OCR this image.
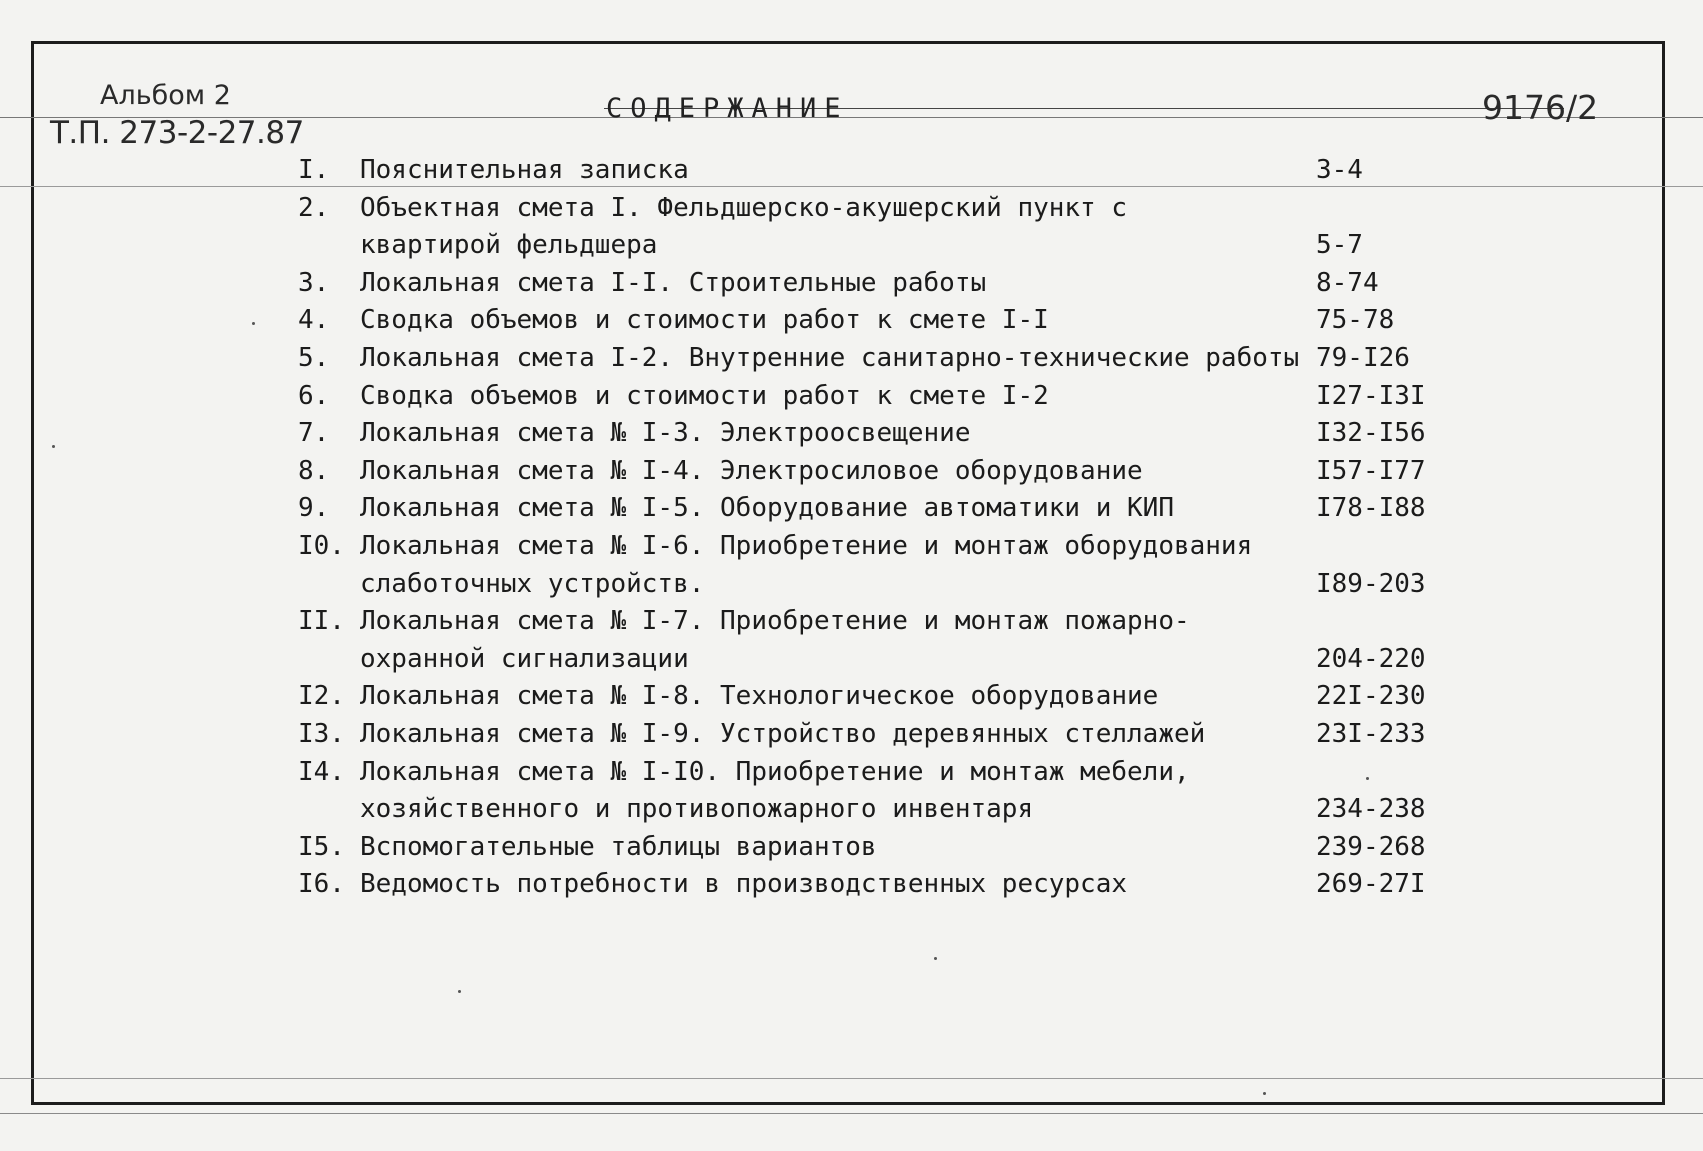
Альбом 2
Т.П. 273-2-27.87
9176/2
СОДЕРЖАНИЕ
I. Пояснительная записка	3-4
2. Объектная смета I. Фельдшерско-акушерский пункт с
квартирой фельдшера	5-7
3. Локальная смета I-I. Строительные работы	8-74
4. Сводка объемов и стоимости работ к смете I-I	75-78
5. Локальная смета I-2. Внутренние санитарно-технические работы 79-I26
6. Сводка объемов и стоимости работ к смете I-2	I27-I3I
7. Локальная смета № I-3. Электроосвещение	I32-I56
8. Локальная смета № I-4. Электросиловое оборудование	I57-I77
9. Локальная смета № I-5. Оборудование автоматики и КИП	I78-I88
I0. Локальная смета № I-6. Приобретение и монтаж оборудования
слаботочных устройств.	I89-203
II. Локальная смета № I-7. Приобретение и монтаж пожарно-
охранной сигнализации	204-220
I2. Локальная смета № I-8. Технологическое оборудование	22I-230
I3. Локальная смета № I-9. Устройство деревянных стеллажей	23I-233
I4. Локальная смета № I-I0. Приобретение и монтаж мебели,
хозяйственного и противопожарного инвентаря	234-238
I5. Вспомогательные таблицы вариантов	239-268
I6. Ведомость потребности в производственных ресурсах	269-27I
